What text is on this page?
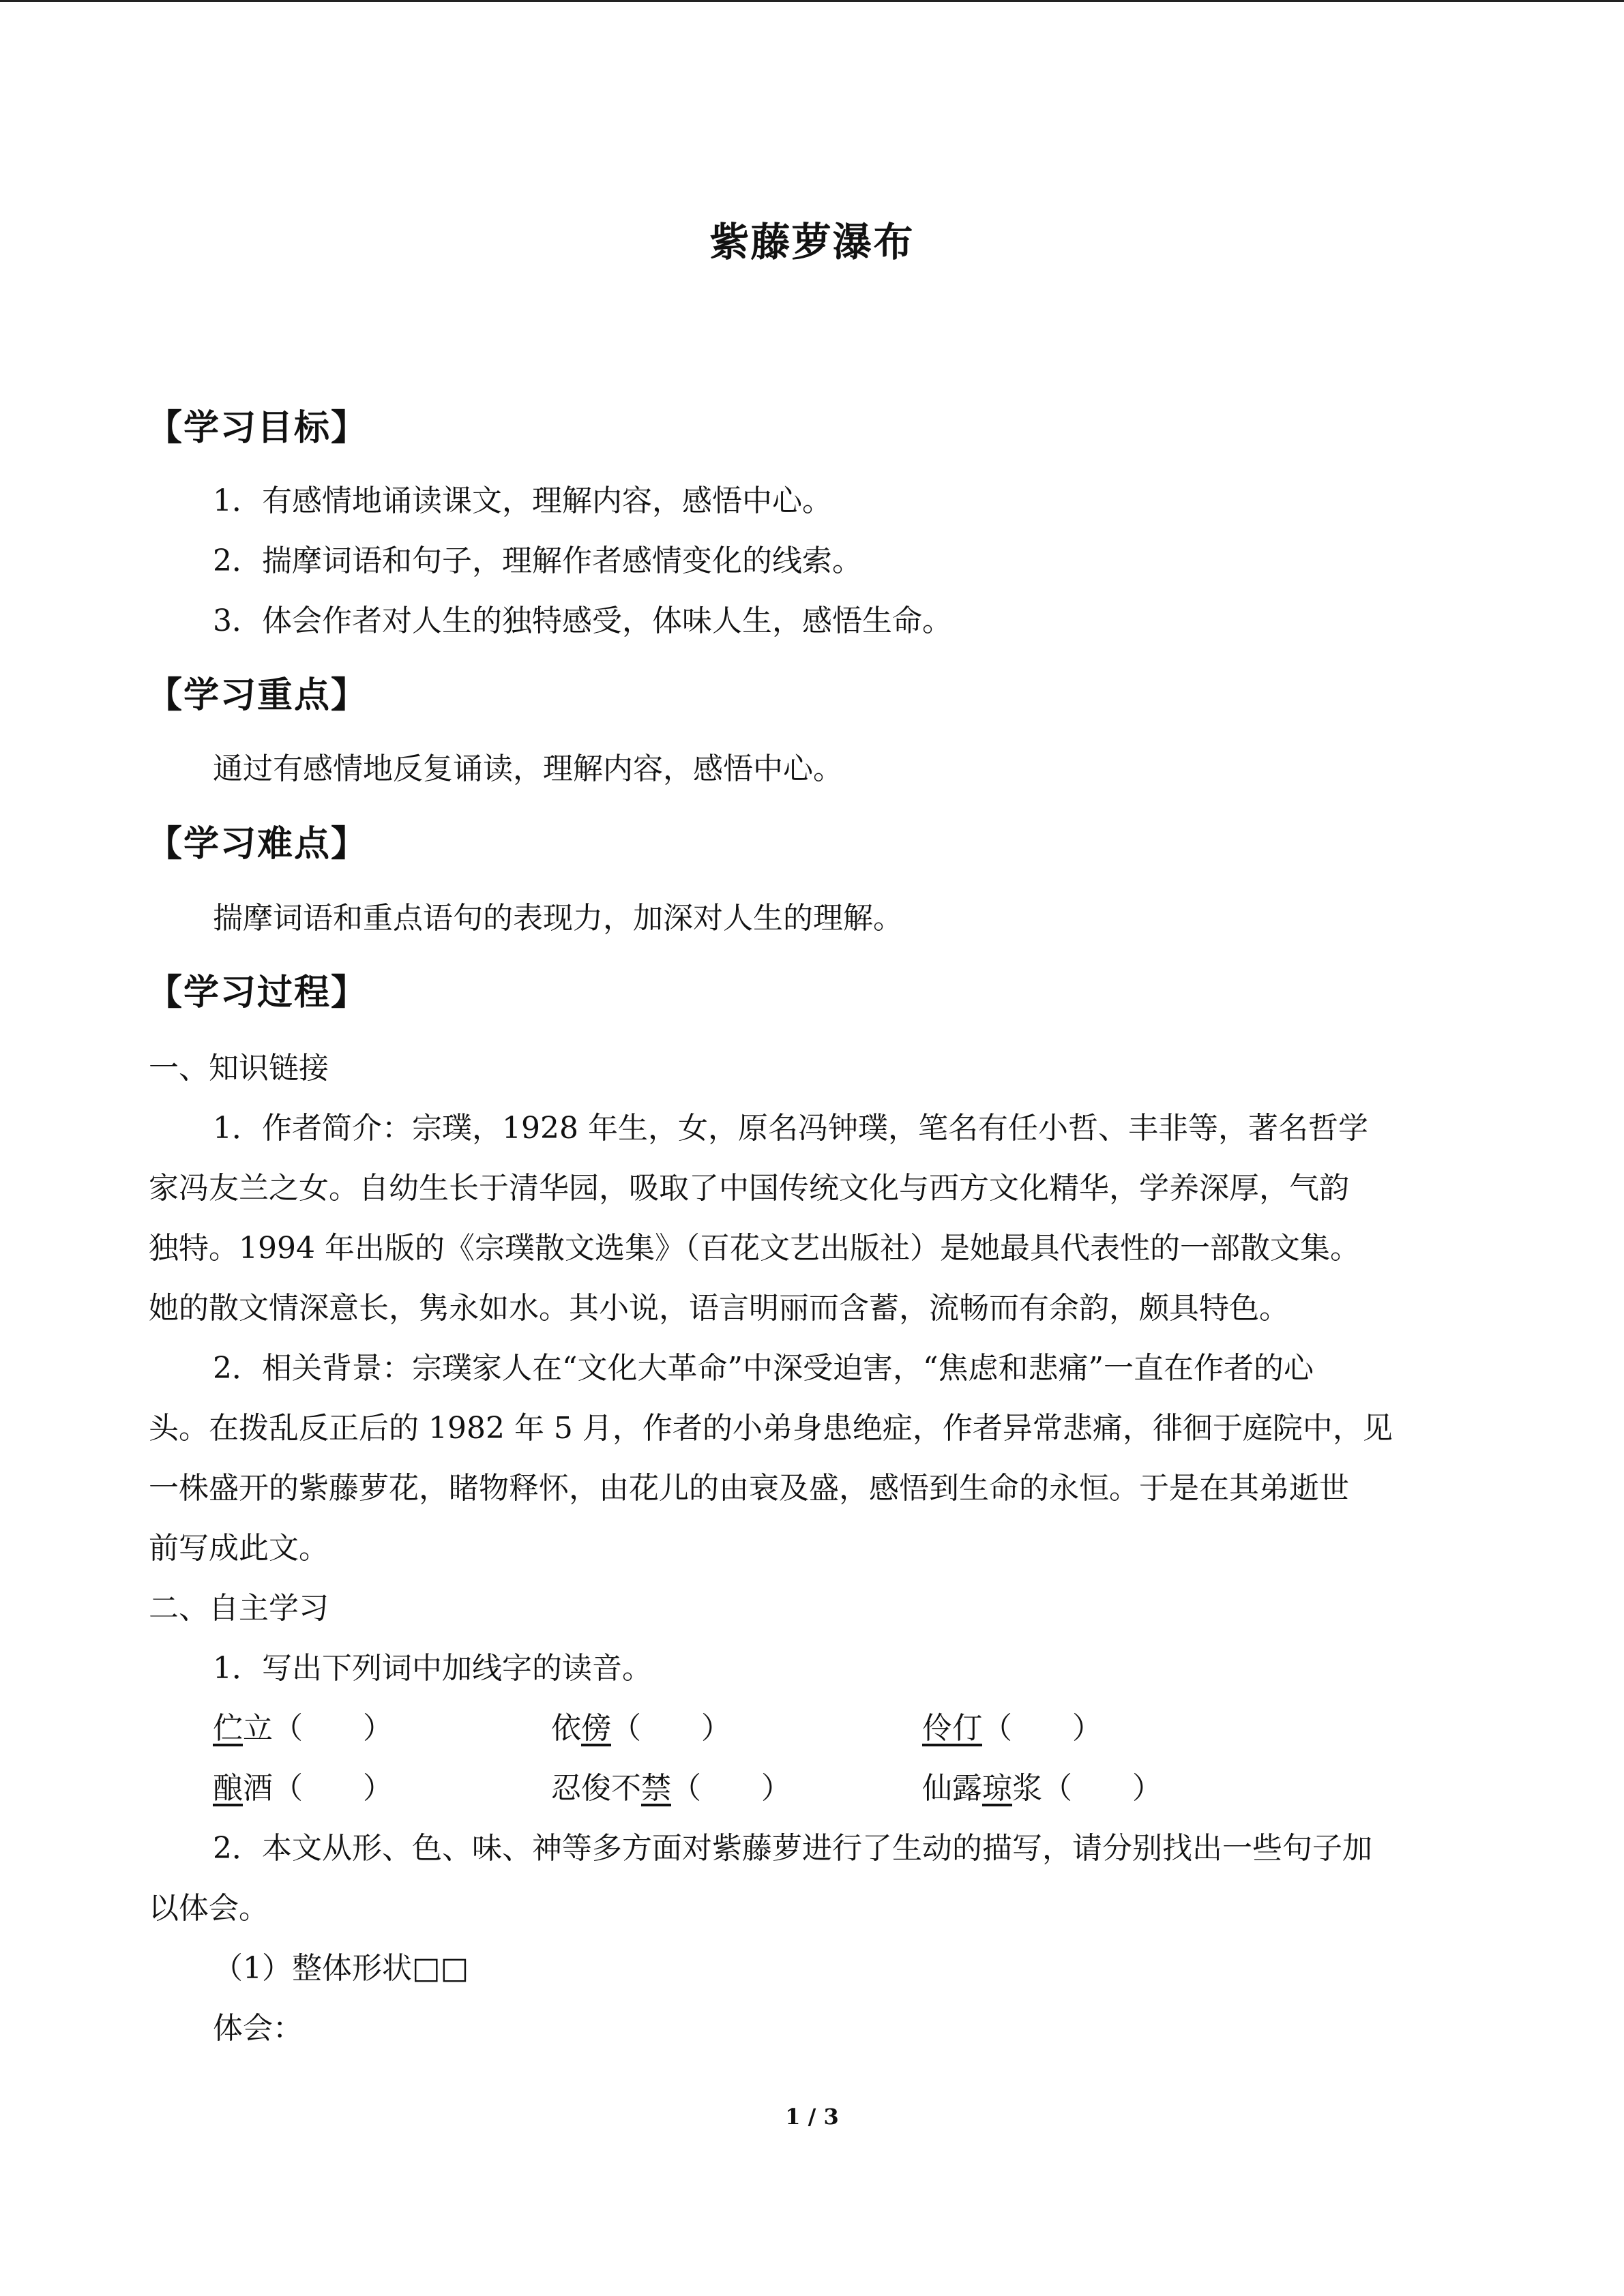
紫藤萝瀑布
【学习目标】
1．有感情地诵读课文，理解内容，感悟中心。
2．揣摩词语和句子，理解作者感情变化的线索。
3．体会作者对人生的独特感受，体味人生，感悟生命。
【学习重点】
通过有感情地反复诵读，理解内容，感悟中心。
【学习难点】
揣摩词语和重点语句的表现力，加深对人生的理解。
【学习过程】
一、知识链接
1．作者简介：宗璞，1928 年生，女，原名冯钟璞，笔名有任小哲、丰非等，著名哲学
家冯友兰之女。自幼生长于清华园，吸取了中国传统文化与西方文化精华，学养深厚，气韵
独特。1994 年出版的《宗璞散文选集》（百花文艺出版社）是她最具代表性的一部散文集。
她的散文情深意长，隽永如水。其小说，语言明丽而含蓄，流畅而有余韵，颇具特色。
2．相关背景：宗璞家人在“文化大革命”中深受迫害，“焦虑和悲痛”一直在作者的心
头。在拨乱反正后的 1982 年 5 月，作者的小弟身患绝症，作者异常悲痛，徘徊于庭院中，见
一株盛开的紫藤萝花，睹物释怀，由花儿的由衰及盛，感悟到生命的永恒。于是在其弟逝世
前写成此文。
二、自主学习
1．写出下列词中加线字的读音。
伫立（　　）	依傍（　　）	伶仃（　　）
酿酒（　　）	忍俊不禁（　　）	仙露琼浆（　　）
2．本文从形、色、味、神等多方面对紫藤萝进行了生动的描写，请分别找出一些句子加
以体会。
（1）整体形状□□
体会：
1 / 3
